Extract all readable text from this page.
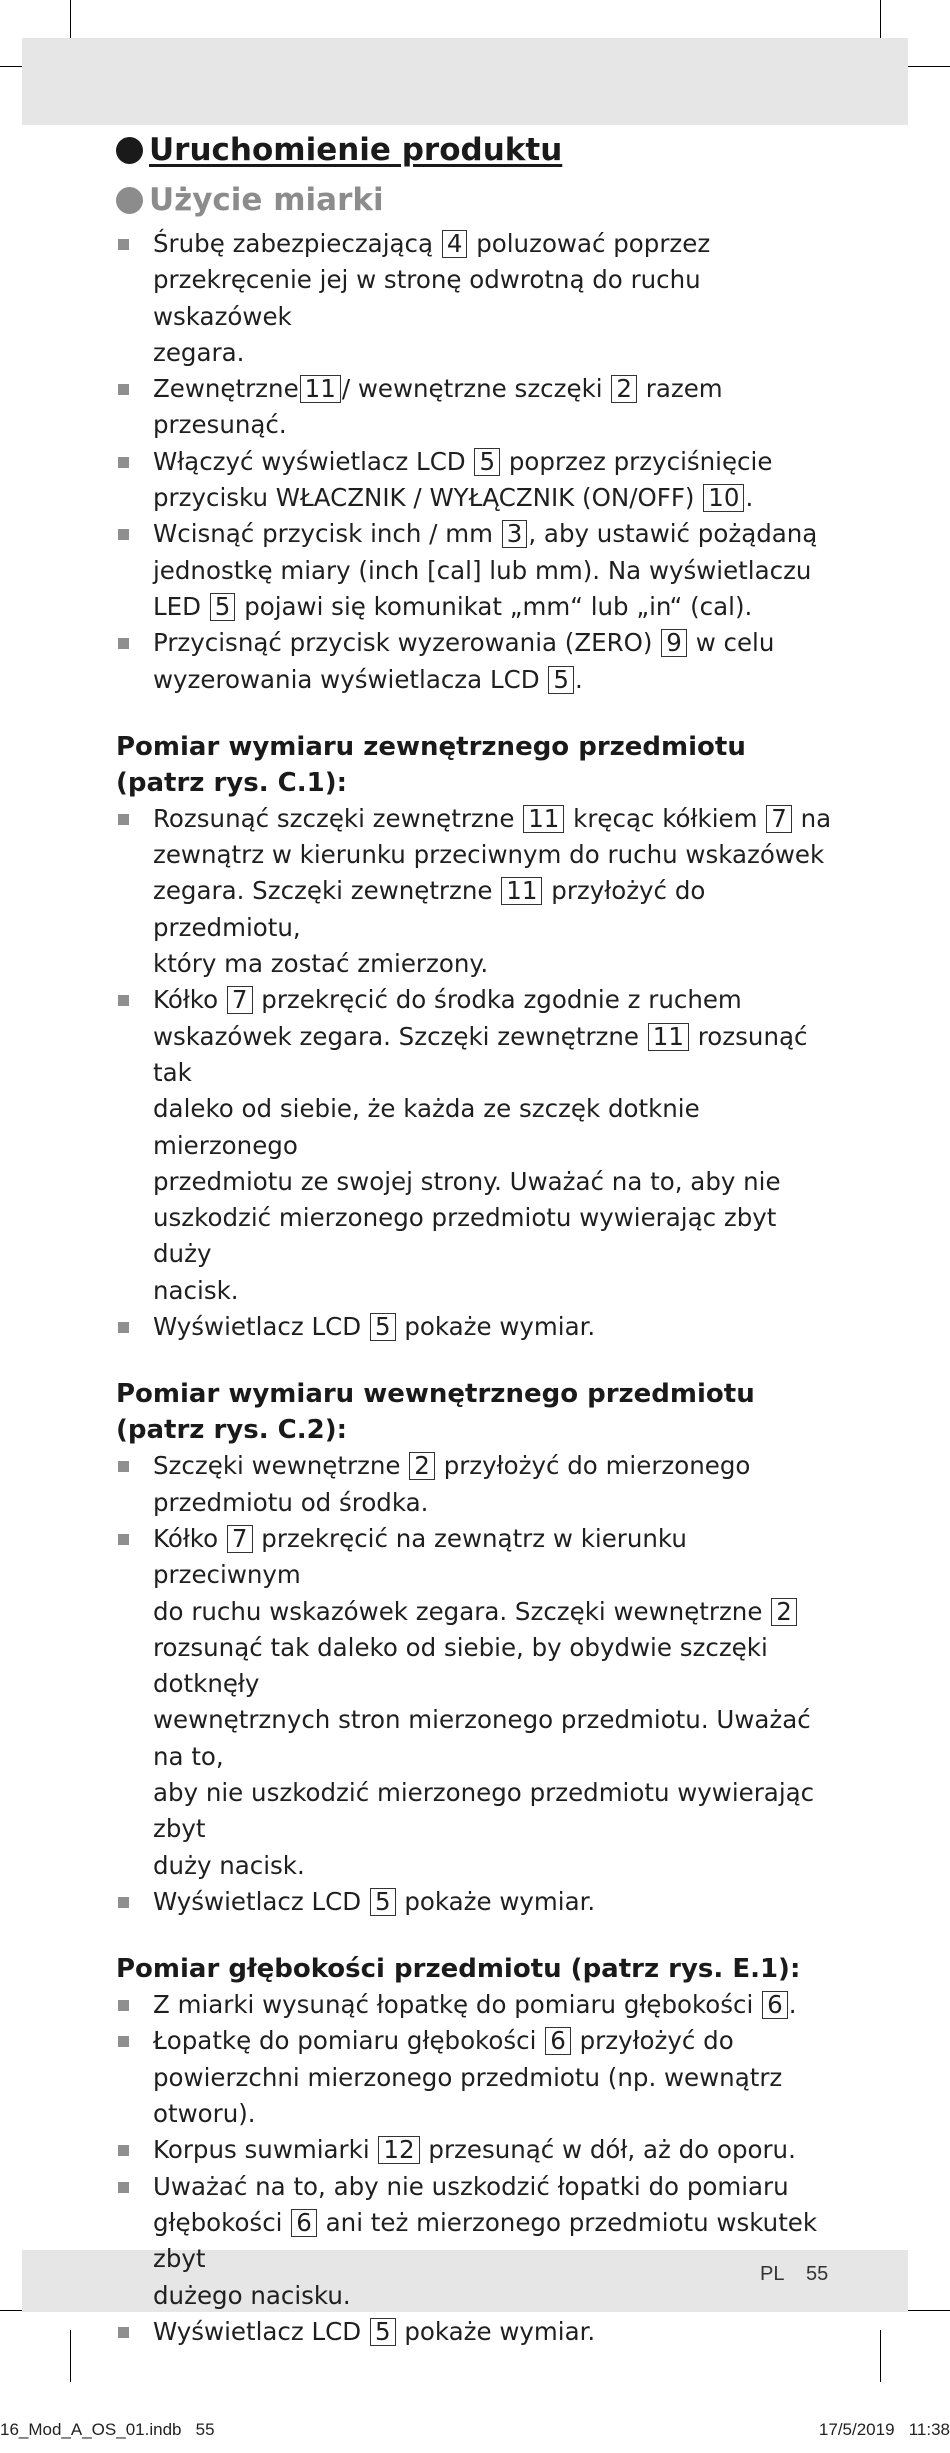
PL 55
16_Mod_A_OS_01.indb   55	17/5/2019   11:38
Uruchomienie produktu
Użycie miarki
Śrubę zabezpieczającą 4 poluzować poprzez
przekręcenie jej w stronę odwrotną do ruchu wskazówek
zegara.
Zewnętrzne 11 / wewnętrzne szczęki 2 razem przesunąć.
Włączyć wyświetlacz LCD 5 poprzez przyciśnięcie
przycisku WŁACZNIK / WYŁĄCZNIK (ON/OFF) 10 .
Wcisnąć przycisk inch / mm 3 , aby ustawić pożądaną
jednostkę miary (inch [cal] lub mm). Na wyświetlaczu
LED 5 pojawi się komunikat „mm“ lub „in“ (cal).
Przycisnąć przycisk wyzerowania (ZERO) 9 w celu
wyzerowania wyświetlacza LCD 5 .
Pomiar wymiaru zewnętrznego przedmiotu
(patrz rys. C.1):
Rozsunąć szczęki zewnętrzne 11 kręcąc kółkiem 7 na
zewnątrz w kierunku przeciwnym do ruchu wskazówek
zegara. Szczęki zewnętrzne 11 przyłożyć do przedmiotu,
który ma zostać zmierzony.
Kółko 7 przekręcić do środka zgodnie z ruchem
wskazówek zegara. Szczęki zewnętrzne 11 rozsunąć tak
daleko od siebie, że każda ze szczęk dotknie mierzonego
przedmiotu ze swojej strony. Uważać na to, aby nie
uszkodzić mierzonego przedmiotu wywierając zbyt duży
nacisk.
Wyświetlacz LCD 5 pokaże wymiar.
Pomiar wymiaru wewnętrznego przedmiotu
(patrz rys. C.2):
Szczęki wewnętrzne 2 przyłożyć do mierzonego
przedmiotu od środka.
Kółko 7 przekręcić na zewnątrz w kierunku przeciwnym
do ruchu wskazówek zegara. Szczęki wewnętrzne 2
rozsunąć tak daleko od siebie, by obydwie szczęki dotknęły
wewnętrznych stron mierzonego przedmiotu. Uważać na to,
aby nie uszkodzić mierzonego przedmiotu wywierając zbyt
duży nacisk.
Wyświetlacz LCD 5 pokaże wymiar.
Pomiar głębokości przedmiotu (patrz rys. E.1):
Z miarki wysunąć łopatkę do pomiaru głębokości 6 .
Łopatkę do pomiaru głębokości 6 przyłożyć do
powierzchni mierzonego przedmiotu (np. wewnątrz
otworu).
Korpus suwmiarki 12 przesunąć w dół, aż do oporu.
Uważać na to, aby nie uszkodzić łopatki do pomiaru
głębokości 6 ani też mierzonego przedmiotu wskutek zbyt
dużego nacisku.
Wyświetlacz LCD 5 pokaże wymiar.
